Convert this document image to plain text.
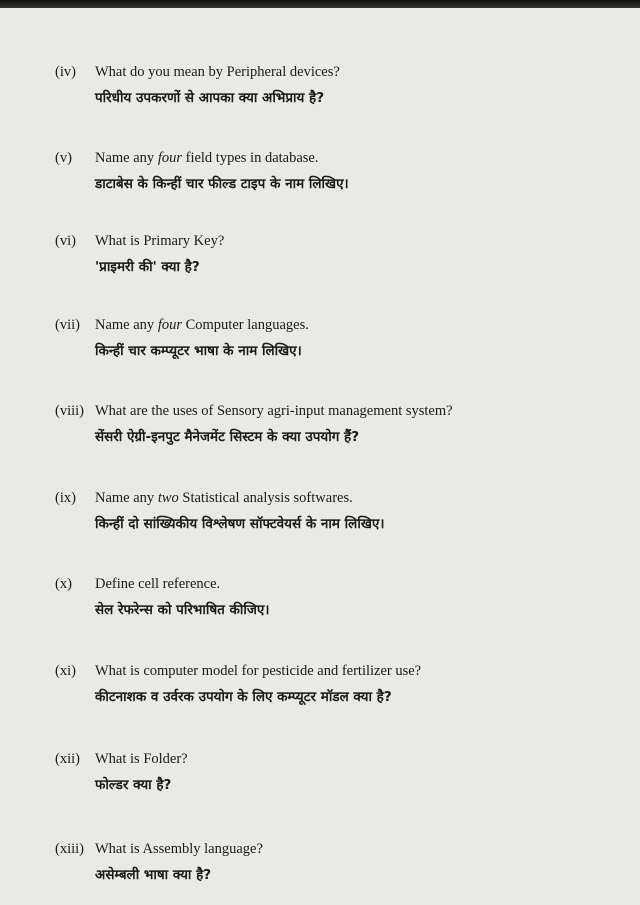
(iv)	What do you mean by Peripheral devices?
परिधीय उपकरणों से आपका क्या अभिप्राय है?
(v)	Name any four field types in database.
डाटाबेस के किन्हीं चार फील्ड टाइप के नाम लिखिए।
(vi)	What is Primary Key?
'प्राइमरी की' क्या है?
(vii)	Name any four Computer languages.
किन्हीं चार कम्प्यूटर भाषा के नाम लिखिए।
(viii) What are the uses of Sensory agri-input management system?
सेंसरी ऐग्री-इनपुट मैनेजमेंट सिस्टम के क्या उपयोग हैं?
(ix)	Name any two Statistical analysis softwares.
किन्हीं दो सांख्यिकीय विश्लेषण सॉफ्टवेयर्स के नाम लिखिए।
(x)	Define cell reference.
सेल रेफरेन्स को परिभाषित कीजिए।
(xi)	What is computer model for pesticide and fertilizer use?
कीटनाशक व उर्वरक उपयोग के लिए कम्प्यूटर मॉडल क्या है?
(xii)	What is Folder?
फोल्डर क्या है?
(xiii) What is Assembly language?
असेम्बली भाषा क्या है?
